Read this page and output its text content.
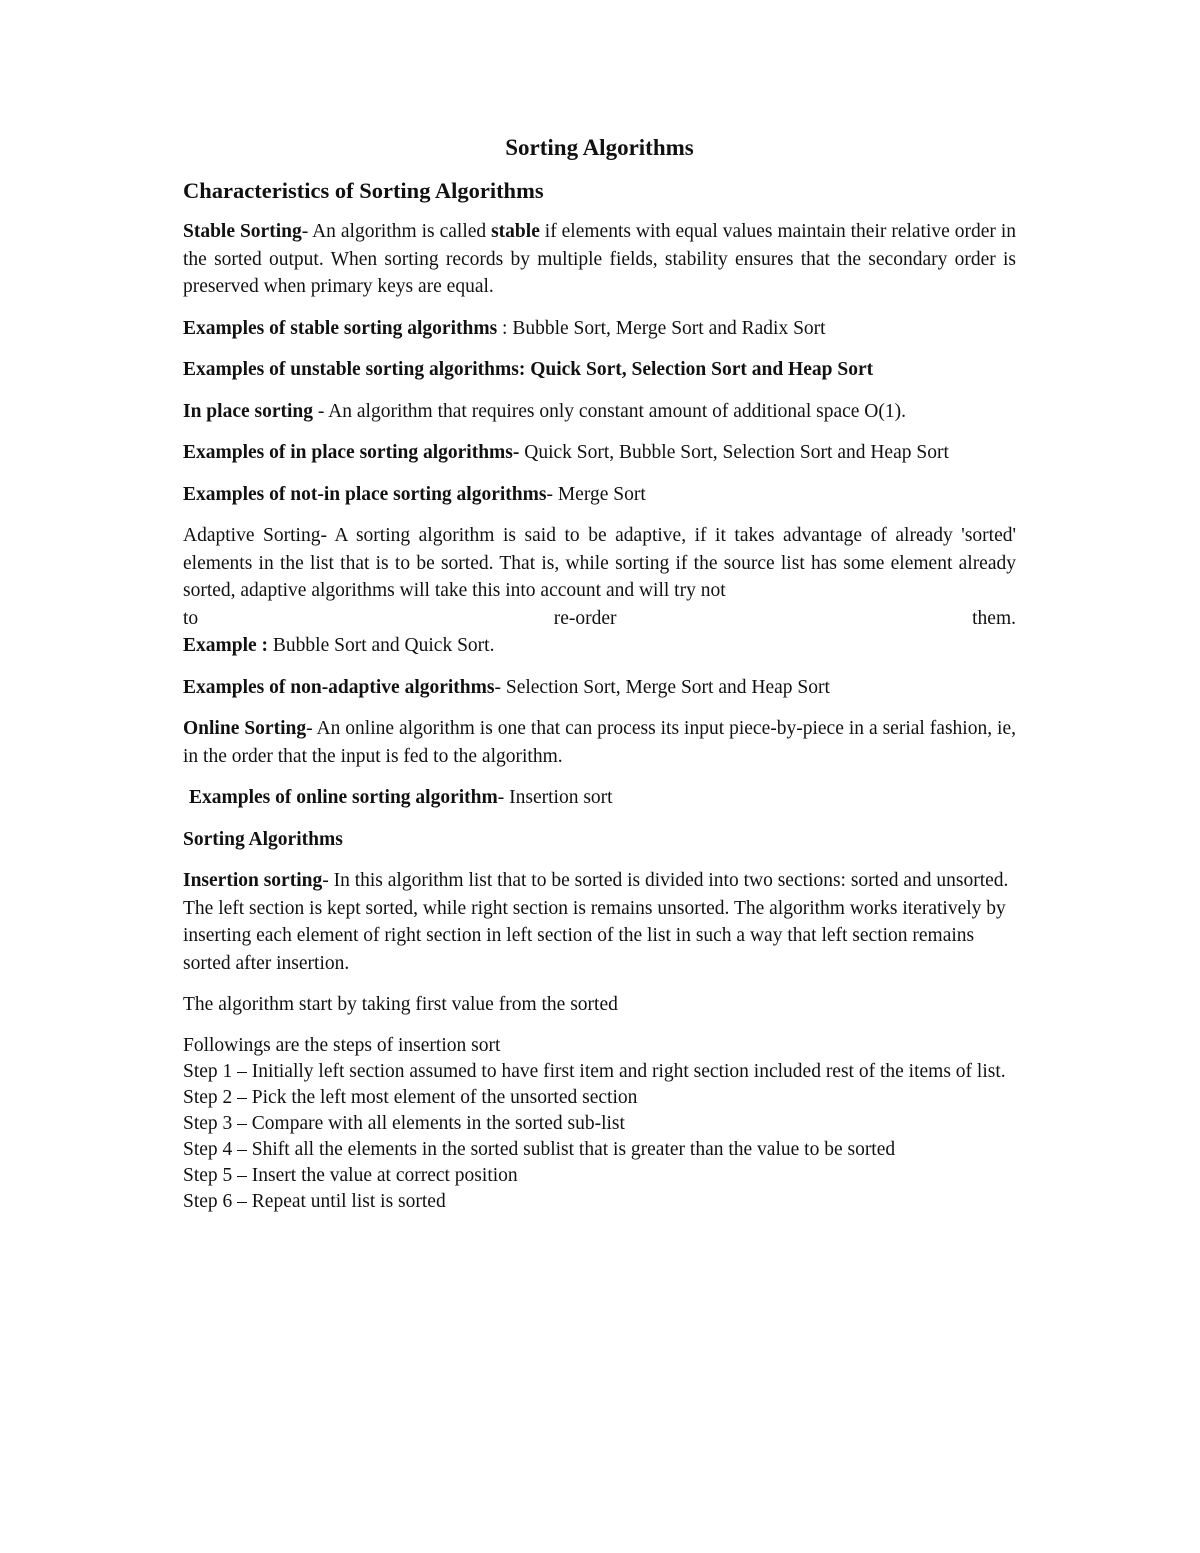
Sorting Algorithms
Characteristics of Sorting Algorithms

Stable Sorting- An algorithm is called stable if elements with equal values maintain their relative order in the sorted output. When sorting records by multiple fields, stability ensures that the secondary order is preserved when primary keys are equal.

Examples of stable sorting algorithms : Bubble Sort, Merge Sort and Radix Sort

Examples of unstable sorting algorithms: Quick Sort, Selection Sort and Heap Sort

In place sorting - An algorithm that requires only constant amount of additional space O(1).

Examples of in place sorting algorithms- Quick Sort, Bubble Sort, Selection Sort and Heap Sort

Examples of not-in place sorting algorithms- Merge Sort

Adaptive Sorting- A sorting algorithm is said to be adaptive, if it takes advantage of already 'sorted' elements in the list that is to be sorted. That is, while sorting if the source list has some element already sorted, adaptive algorithms will take this into account and will try not
to	re-order	them.
Example : Bubble Sort and Quick Sort.

Examples of non-adaptive algorithms- Selection Sort, Merge Sort and Heap Sort

Online Sorting- An online algorithm is one that can process its input piece-by-piece in a serial fashion, ie, in the order that the input is fed to the algorithm.

Examples of online sorting algorithm- Insertion sort

Sorting Algorithms

Insertion sorting- In this algorithm list that to be sorted is divided into two sections: sorted and unsorted. The left section is kept sorted, while right section is remains unsorted. The algorithm works iteratively by inserting each element of right section in left section of the list in such a way that left section remains sorted after insertion.

The algorithm start by taking first value from the sorted

Followings are the steps of insertion sort

Step 1 – Initially left section assumed to have first item and right section included rest of the items of list.

Step 2 – Pick the left most element of the unsorted section

Step 3 – Compare with all elements in the sorted sub-list

Step 4 – Shift all the elements in the sorted sublist that is greater than the value to be sorted

Step 5 – Insert the value at correct position

Step 6 – Repeat until list is sorted
